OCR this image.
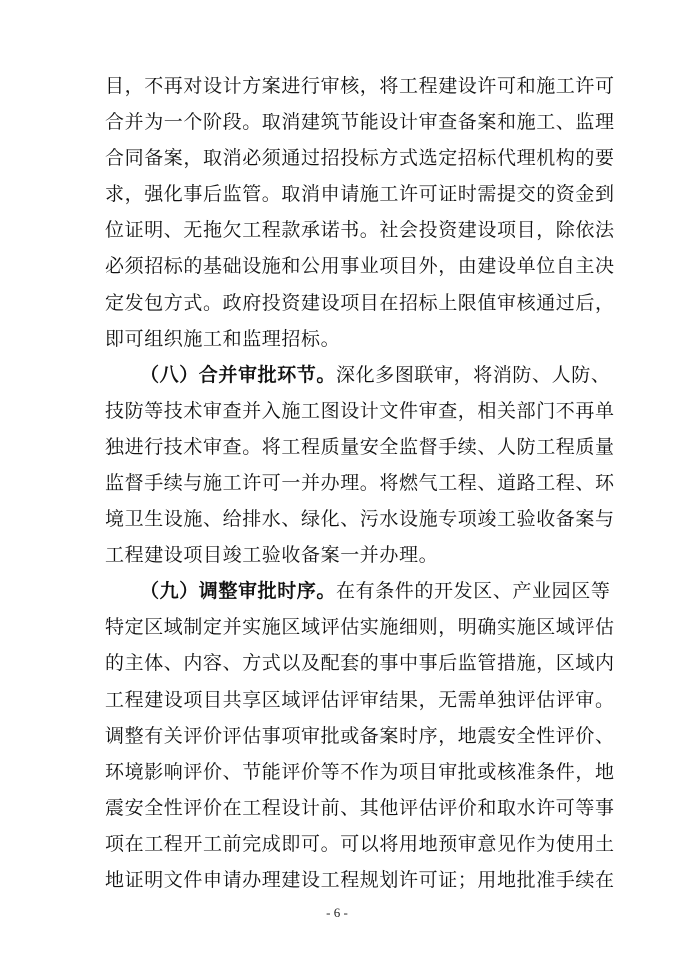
目，不再对设计方案进行审核，将工程建设许可和施工许可
合并为一个阶段。取消建筑节能设计审查备案和施工、监理
合同备案，取消必须通过招投标方式选定招标代理机构的要
求，强化事后监管。取消申请施工许可证时需提交的资金到
位证明、无拖欠工程款承诺书。社会投资建设项目，除依法
必须招标的基础设施和公用事业项目外，由建设单位自主决
定发包方式。政府投资建设项目在招标上限值审核通过后，
即可组织施工和监理招标。
（八）合并审批环节。深化多图联审，将消防、人防、
技防等技术审查并入施工图设计文件审查，相关部门不再单
独进行技术审查。将工程质量安全监督手续、人防工程质量
监督手续与施工许可一并办理。将燃气工程、道路工程、环
境卫生设施、给排水、绿化、污水设施专项竣工验收备案与
工程建设项目竣工验收备案一并办理。
（九）调整审批时序。在有条件的开发区、产业园区等
特定区域制定并实施区域评估实施细则，明确实施区域评估
的主体、内容、方式以及配套的事中事后监管措施，区域内
工程建设项目共享区域评估评审结果，无需单独评估评审。
调整有关评价评估事项审批或备案时序，地震安全性评价、
环境影响评价、节能评价等不作为项目审批或核准条件，地
震安全性评价在工程设计前、其他评估评价和取水许可等事
项在工程开工前完成即可。可以将用地预审意见作为使用土
地证明文件申请办理建设工程规划许可证；用地批准手续在
- 6 -
